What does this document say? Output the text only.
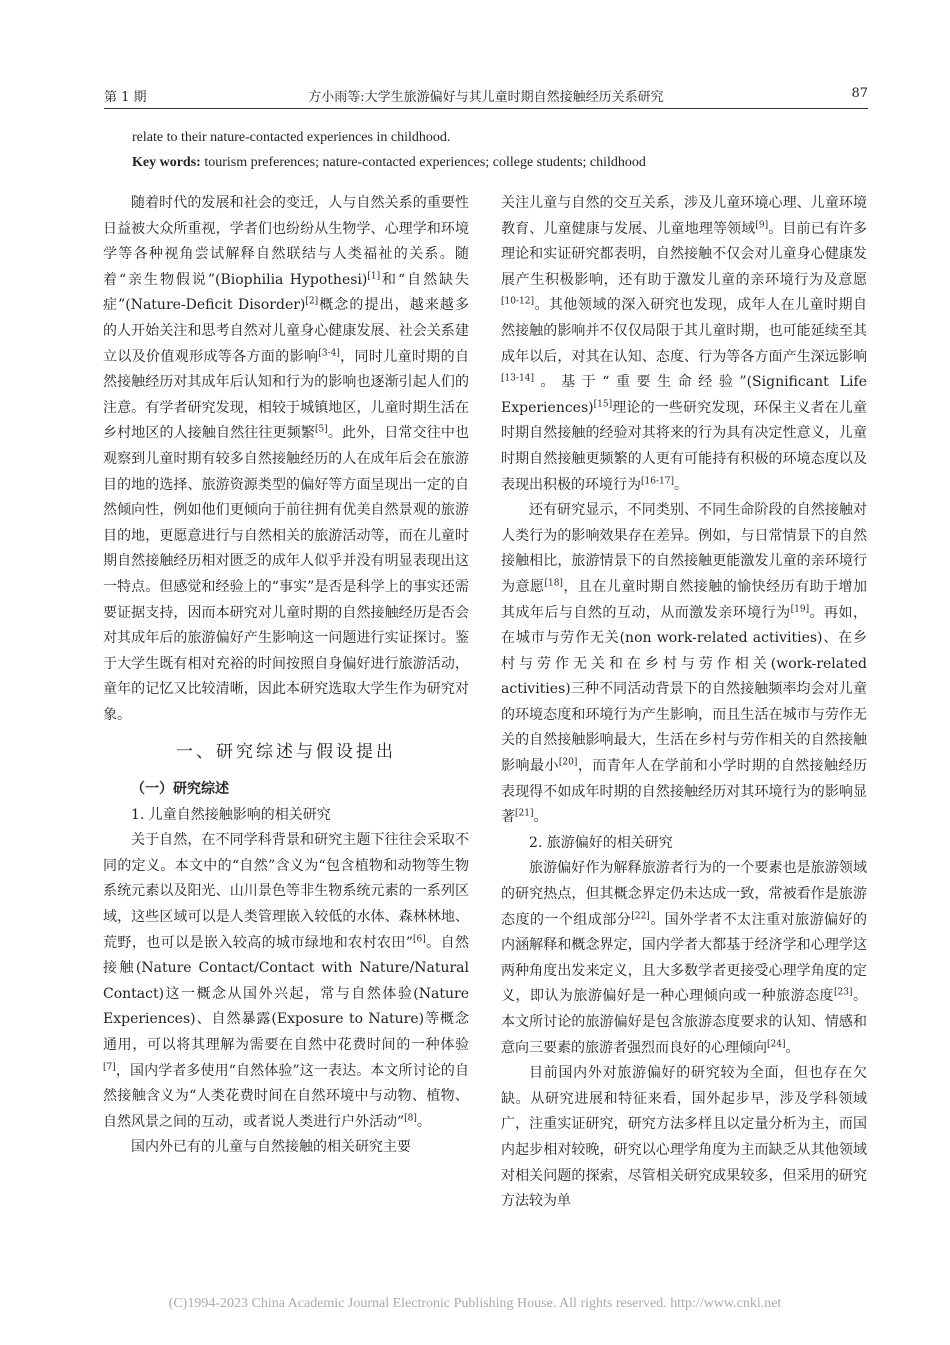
第 1 期	方小雨等:大学生旅游偏好与其儿童时期自然接触经历关系研究	87
relate to their nature-contacted experiences in childhood.
Key words: tourism preferences; nature-contacted experiences; college students; childhood

随着时代的发展和社会的变迁，人与自然关系的重要性日益被大众所重视，学者们也纷纷从生物学、心理学和环境学等各种视角尝试解释自然联结与人类福祉的关系。随着“亲生物假说”(Biophilia Hypothesi)[1]和“自然缺失症”(Nature-Deficit Disorder)[2]概念的提出，越来越多的人开始关注和思考自然对儿童身心健康发展、社会关系建立以及价值观形成等各方面的影响[3-4]，同时儿童时期的自然接触经历对其成年后认知和行为的影响也逐渐引起人们的注意。有学者研究发现，相较于城镇地区，儿童时期生活在乡村地区的人接触自然往往更频繁[5]。此外，日常交往中也观察到儿童时期有较多自然接触经历的人在成年后会在旅游目的地的选择、旅游资源类型的偏好等方面呈现出一定的自然倾向性，例如他们更倾向于前往拥有优美自然景观的旅游目的地，更愿意进行与自然相关的旅游活动等，而在儿童时期自然接触经历相对匮乏的成年人似乎并没有明显表现出这一特点。但感觉和经验上的“事实”是否是科学上的事实还需要证据支持，因而本研究对儿童时期的自然接触经历是否会对其成年后的旅游偏好产生影响这一问题进行实证探讨。鉴于大学生既有相对充裕的时间按照自身偏好进行旅游活动，童年的记忆又比较清晰，因此本研究选取大学生作为研究对象。

一、研究综述与假设提出
（一）研究综述
1. 儿童自然接触影响的相关研究

关于自然，在不同学科背景和研究主题下往往会采取不同的定义。本文中的“自然”含义为“包含植物和动物等生物系统元素以及阳光、山川景色等非生物系统元素的一系列区域，这些区域可以是人类管理嵌入较低的水体、森林林地、荒野，也可以是嵌入较高的城市绿地和农村农田”[6]。自然接触(Nature Contact/Contact with Nature/Natural Contact)这一概念从国外兴起，常与自然体验(Nature Experiences)、自然暴露(Exposure to Nature)等概念通用，可以将其理解为需要在自然中花费时间的一种体验[7]，国内学者多使用“自然体验”这一表达。本文所讨论的自然接触含义为“人类花费时间在自然环境中与动物、植物、自然风景之间的互动，或者说人类进行户外活动”[8]。

国内外已有的儿童与自然接触的相关研究主要

关注儿童与自然的交互关系，涉及儿童环境心理、儿童环境教育、儿童健康与发展、儿童地理等领域[9]。目前已有许多理论和实证研究都表明，自然接触不仅会对儿童身心健康发展产生积极影响，还有助于激发儿童的亲环境行为及意愿[10-12]。其他领域的深入研究也发现，成年人在儿童时期自然接触的影响并不仅仅局限于其儿童时期，也可能延续至其成年以后，对其在认知、态度、行为等各方面产生深远影响[13-14]。基于“重要生命经验”(Significant Life Experiences)[15]理论的一些研究发现，环保主义者在儿童时期自然接触的经验对其将来的行为具有决定性意义，儿童时期自然接触更频繁的人更有可能持有积极的环境态度以及表现出积极的环境行为[16-17]。

还有研究显示，不同类别、不同生命阶段的自然接触对人类行为的影响效果存在差异。例如，与日常情景下的自然接触相比，旅游情景下的自然接触更能激发儿童的亲环境行为意愿[18]，且在儿童时期自然接触的愉快经历有助于增加其成年后与自然的互动，从而激发亲环境行为[19]。再如，在城市与劳作无关(non work-related activities)、在乡村与劳作无关和在乡村与劳作相关(work-related activities)三种不同活动背景下的自然接触频率均会对儿童的环境态度和环境行为产生影响，而且生活在城市与劳作无关的自然接触影响最大，生活在乡村与劳作相关的自然接触影响最小[20]，而青年人在学前和小学时期的自然接触经历表现得不如成年时期的自然接触经历对其环境行为的影响显著[21]。

2. 旅游偏好的相关研究

旅游偏好作为解释旅游者行为的一个要素也是旅游领域的研究热点，但其概念界定仍未达成一致，常被看作是旅游态度的一个组成部分[22]。国外学者不太注重对旅游偏好的内涵解释和概念界定，国内学者大都基于经济学和心理学这两种角度出发来定义，且大多数学者更接受心理学角度的定义，即认为旅游偏好是一种心理倾向或一种旅游态度[23]。本文所讨论的旅游偏好是包含旅游态度要求的认知、情感和意向三要素的旅游者强烈而良好的心理倾向[24]。

目前国内外对旅游偏好的研究较为全面，但也存在欠缺。从研究进展和特征来看，国外起步早，涉及学科领域广，注重实证研究，研究方法多样且以定量分析为主，而国内起步相对较晚，研究以心理学角度为主而缺乏从其他领域对相关问题的探索，尽管相关研究成果较多，但采用的研究方法较为单

(C)1994-2023 China Academic Journal Electronic Publishing House. All rights reserved. http://www.cnki.net
